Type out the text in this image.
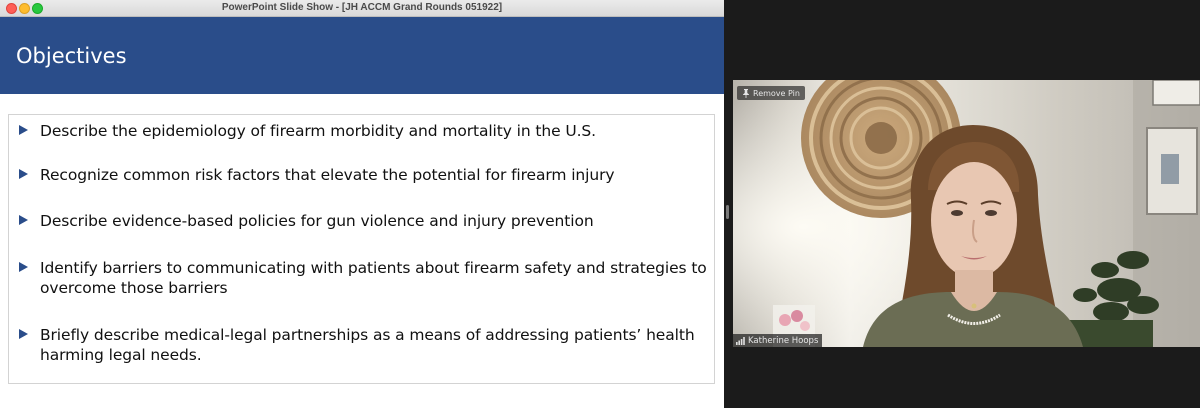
PowerPoint Slide Show - [JH ACCM Grand Rounds 051922]
Objectives
Describe the epidemiology of firearm morbidity and mortality in the U.S.
Recognize common risk factors that elevate the potential for firearm injury
Describe evidence-based policies for gun violence and injury prevention
Identify barriers to communicating with patients about firearm safety and strategies to overcome those barriers
Briefly describe medical-legal partnerships as a means of addressing patients’ health harming legal needs.
Remove Pin
Katherine Hoops
